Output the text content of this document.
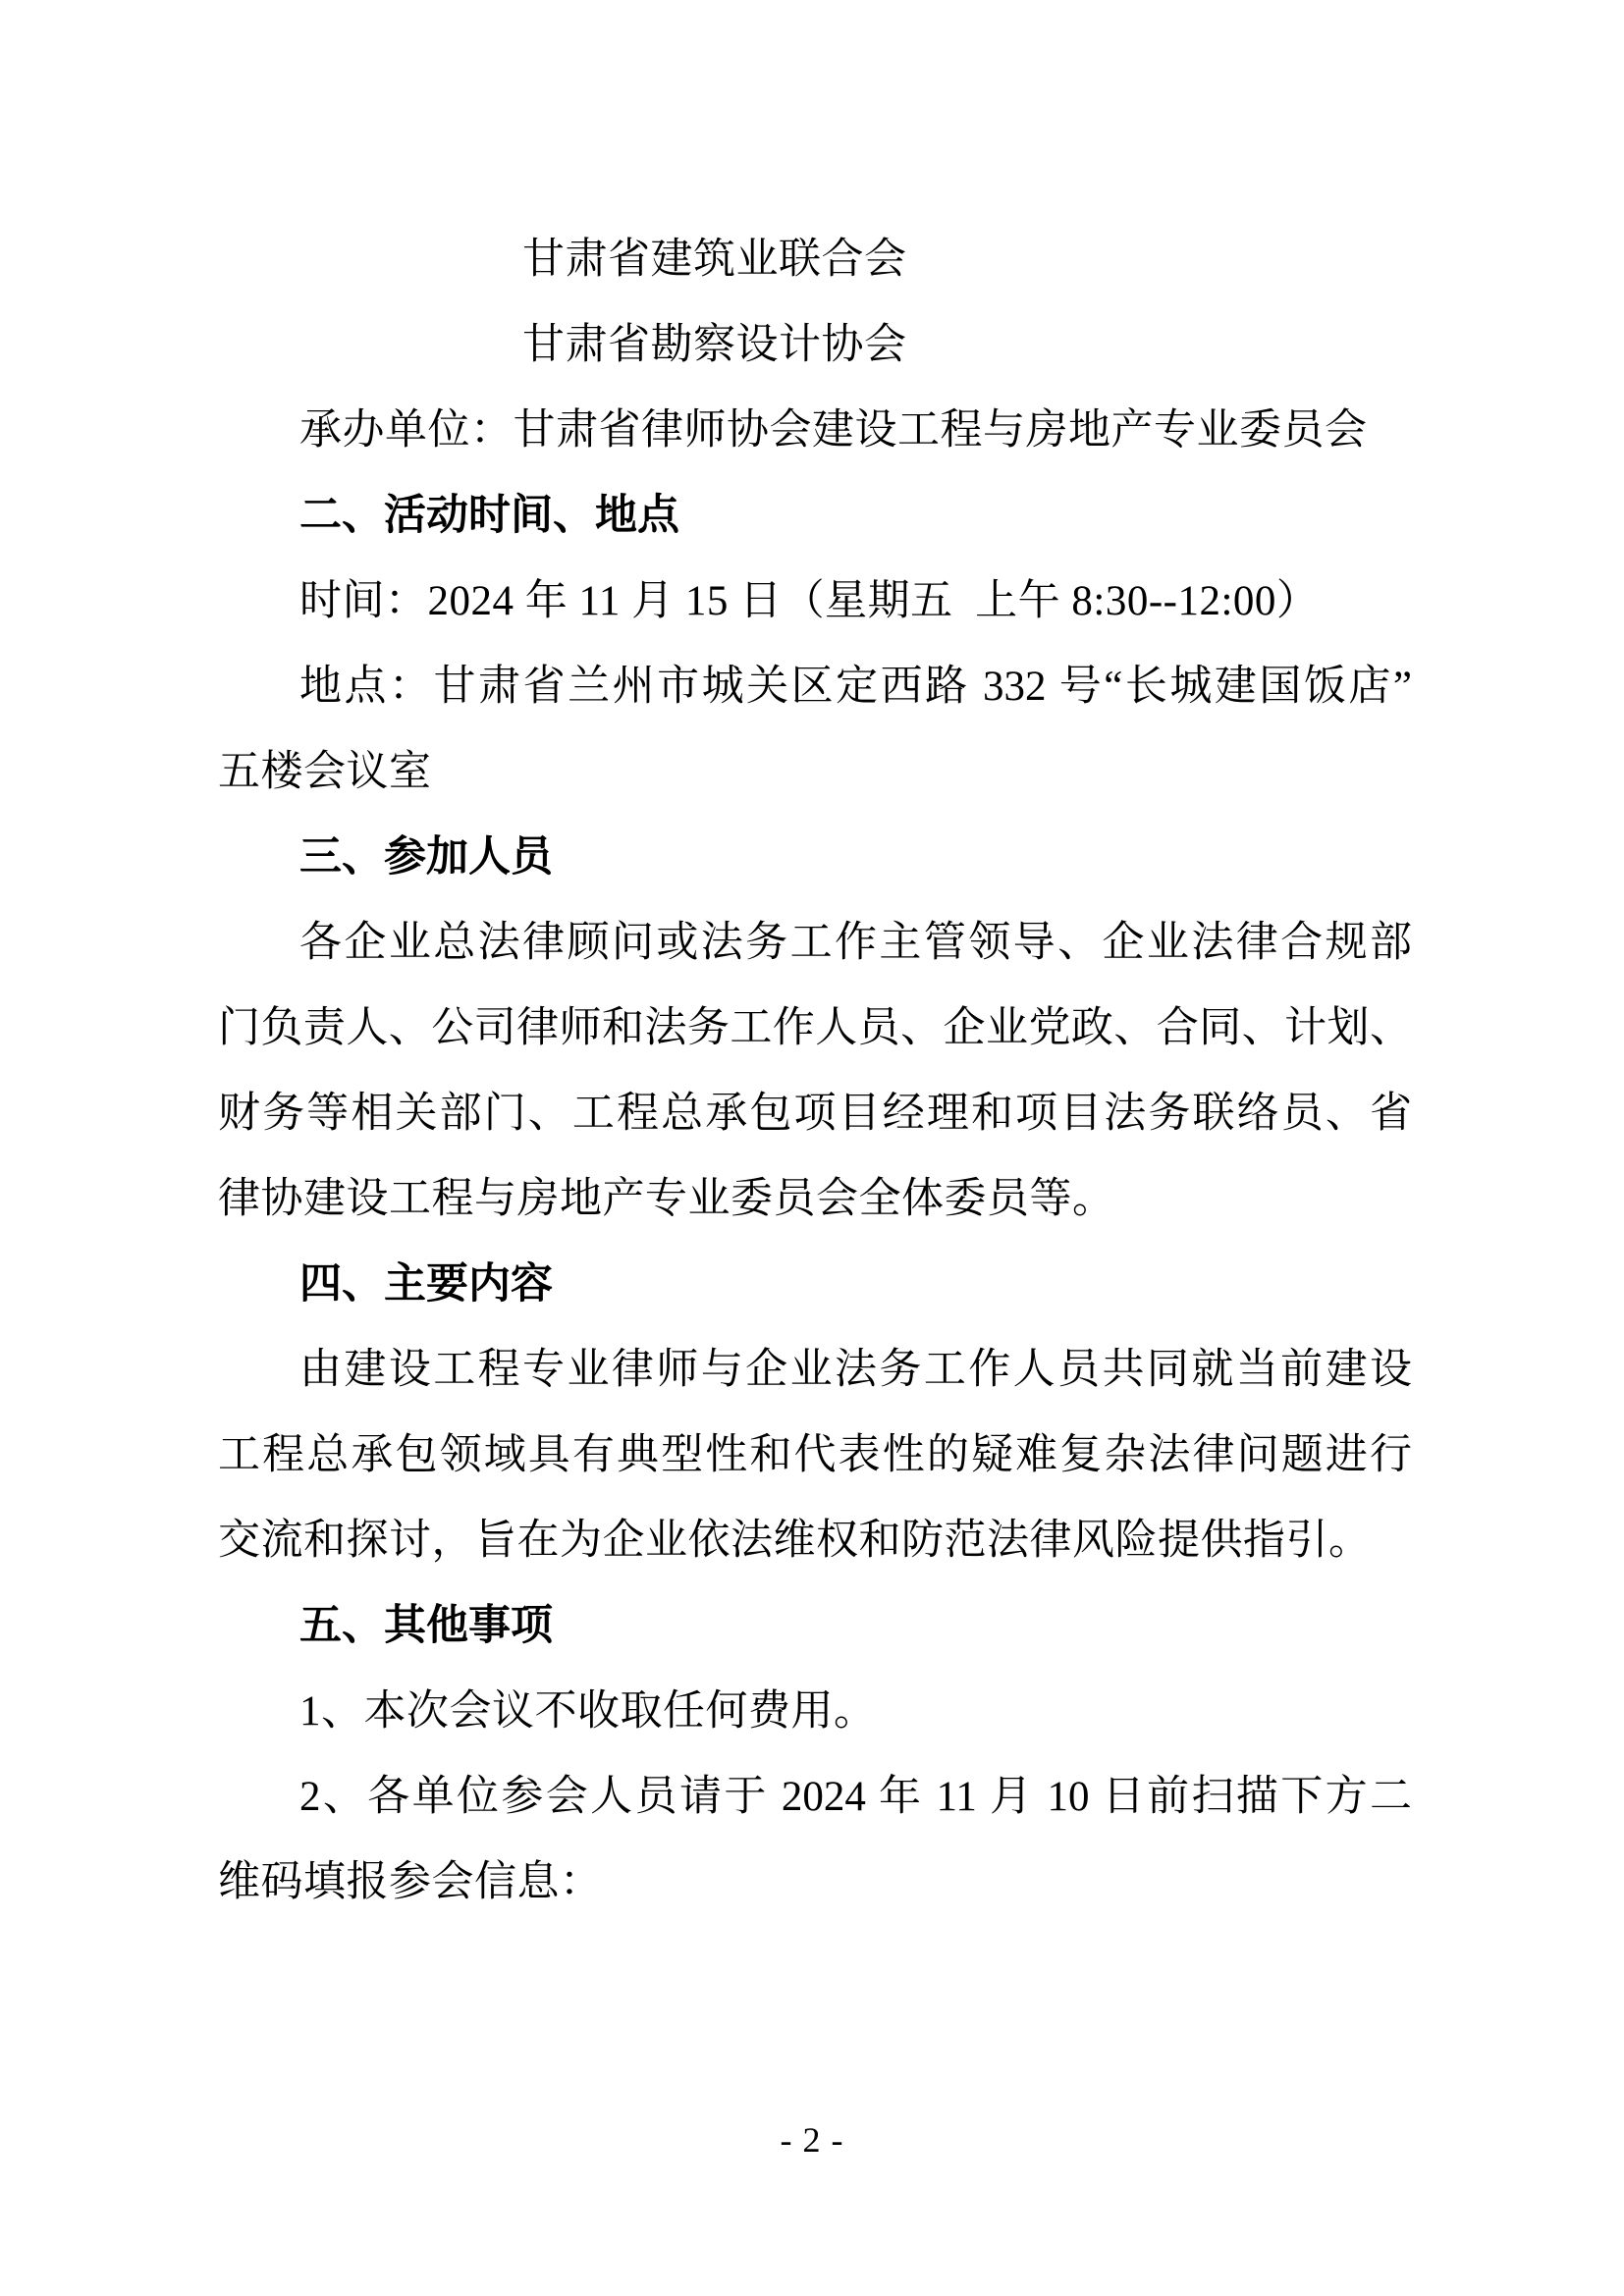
甘肃省建筑业联合会
甘肃省勘察设计协会
承办单位：甘肃省律师协会建设工程与房地产专业委员会
二、活动时间、地点
时间：2024 年 11 月 15 日（星期五  上午 8:30--12:00）
地点：甘肃省兰州市城关区定西路 332 号“长城建国饭店”
五楼会议室
三、参加人员
各企业总法律顾问或法务工作主管领导、企业法律合规部
门负责人、公司律师和法务工作人员、企业党政、合同、计划、
财务等相关部门、工程总承包项目经理和项目法务联络员、省
律协建设工程与房地产专业委员会全体委员等。
四、主要内容
由建设工程专业律师与企业法务工作人员共同就当前建设
工程总承包领域具有典型性和代表性的疑难复杂法律问题进行
交流和探讨，旨在为企业依法维权和防范法律风险提供指引。
五、其他事项
1、本次会议不收取任何费用。
2、各单位参会人员请于 2024 年 11 月 10 日前扫描下方二
维码填报参会信息：
- 2 -
